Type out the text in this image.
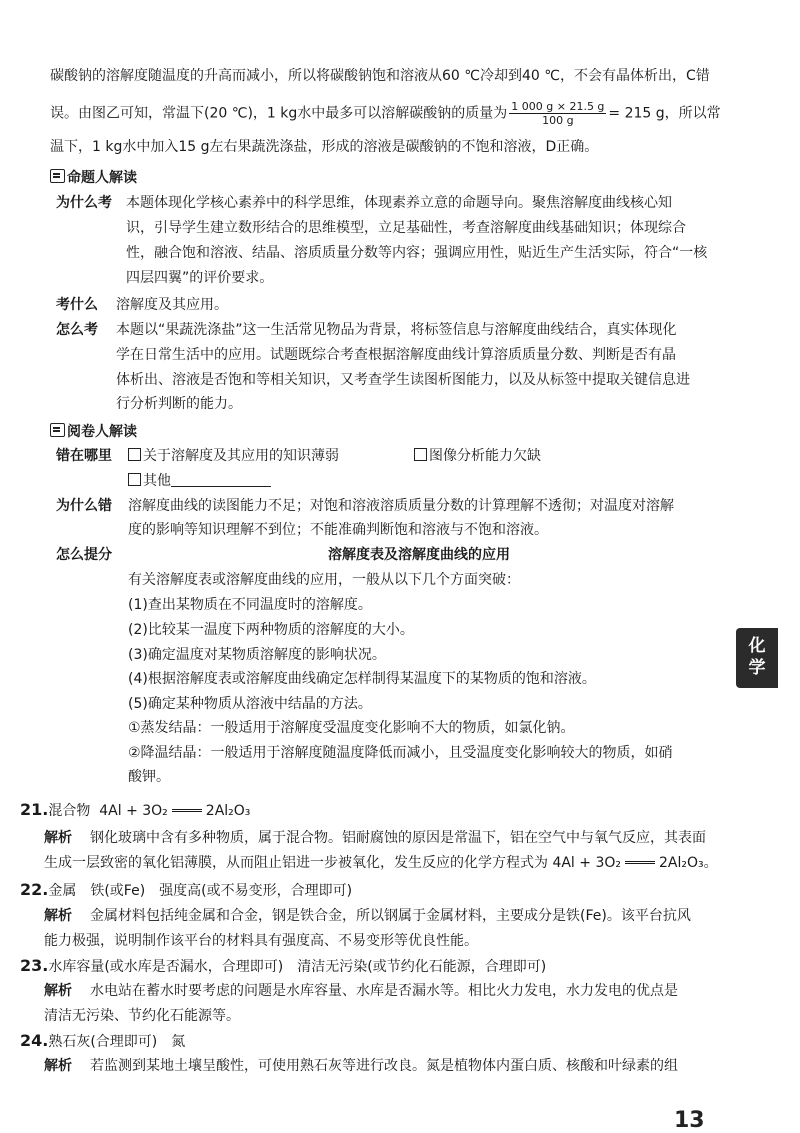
碳酸钠的溶解度随温度的升高而减小，所以将碳酸钠饱和溶液从60 ℃冷却到40 ℃，不会有晶体析出，C错
误。由图乙可知，常温下(20 ℃)，1 kg水中最多可以溶解碳酸钠的质量为 $\frac{1 000 g \times 21.5 g}{100 g} = 215$ g，所以常
温下，1 kg水中加入15 g左右果蔬洗涤盐，形成的溶液是碳酸钠的不饱和溶液，D正确。
命题人解读
为什么考 本题体现化学核心素养中的科学思维，体现素养立意的命题导向。聚焦溶解度曲线核心知
识，引导学生建立数形结合的思维模型，立足基础性，考查溶解度曲线基础知识；体现综合
性，融合饱和溶液、结晶、溶质质量分数等内容；强调应用性，贴近生产生活实际，符合“一核
四层四翼”的评价要求。
考什么 溶解度及其应用。
怎么考 本题以“果蔬洗涤盐”这一生活常见物品为背景，将标签信息与溶解度曲线结合，真实体现化
学在日常生活中的应用。试题既综合考查根据溶解度曲线计算溶质质量分数、判断是否有晶
体析出、溶液是否饱和等相关知识，又考查学生读图析图能力，以及从标签中提取关键信息进
行分析判断的能力。
阅卷人解读
错在哪里	关于溶解度及其应用的知识薄弱	图像分析能力欠缺
其他
为什么错 溶解度曲线的读图能力不足；对饱和溶液溶质质量分数的计算理解不透彻；对温度对溶解
度的影响等知识理解不到位；不能准确判断饱和溶液与不饱和溶液。
怎么提分	溶解度表及溶解度曲线的应用
有关溶解度表或溶解度曲线的应用，一般从以下几个方面突破：
(1)查出某物质在不同温度时的溶解度。
(2)比较某一温度下两种物质的溶解度的大小。
(3)确定温度对某物质溶解度的影响状况。
(4)根据溶解度表或溶解度曲线确定怎样制得某温度下的某物质的饱和溶液。
(5)确定某种物质从溶液中结晶的方法。
①蒸发结晶：一般适用于溶解度受温度变化影响不大的物质，如氯化钠。
②降温结晶：一般适用于溶解度随温度降低而减小，且受温度变化影响较大的物质，如硝
酸钾。
化
学
21.混合物 4Al + 3O₂	2Al₂O₃
解析 钢化玻璃中含有多种物质，属于混合物。铝耐腐蚀的原因是常温下，铝在空气中与氧气反应，其表面
生成一层致密的氧化铝薄膜，从而阻止铝进一步被氧化，发生反应的化学方程式为 4Al + 3O₂	2Al₂O₃。
22.金属　铁(或Fe)　强度高(或不易变形，合理即可)
解析 金属材料包括纯金属和合金，钢是铁合金，所以钢属于金属材料，主要成分是铁(Fe)。该平台抗风
能力极强，说明制作该平台的材料具有强度高、不易变形等优良性能。
23.水库容量(或水库是否漏水，合理即可)　清洁无污染(或节约化石能源，合理即可)
解析 水电站在蓄水时要考虑的问题是水库容量、水库是否漏水等。相比火力发电，水力发电的优点是
清洁无污染、节约化石能源等。
24.熟石灰(合理即可)　氮
解析 若监测到某地土壤呈酸性，可使用熟石灰等进行改良。氮是植物体内蛋白质、核酸和叶绿素的组
13
